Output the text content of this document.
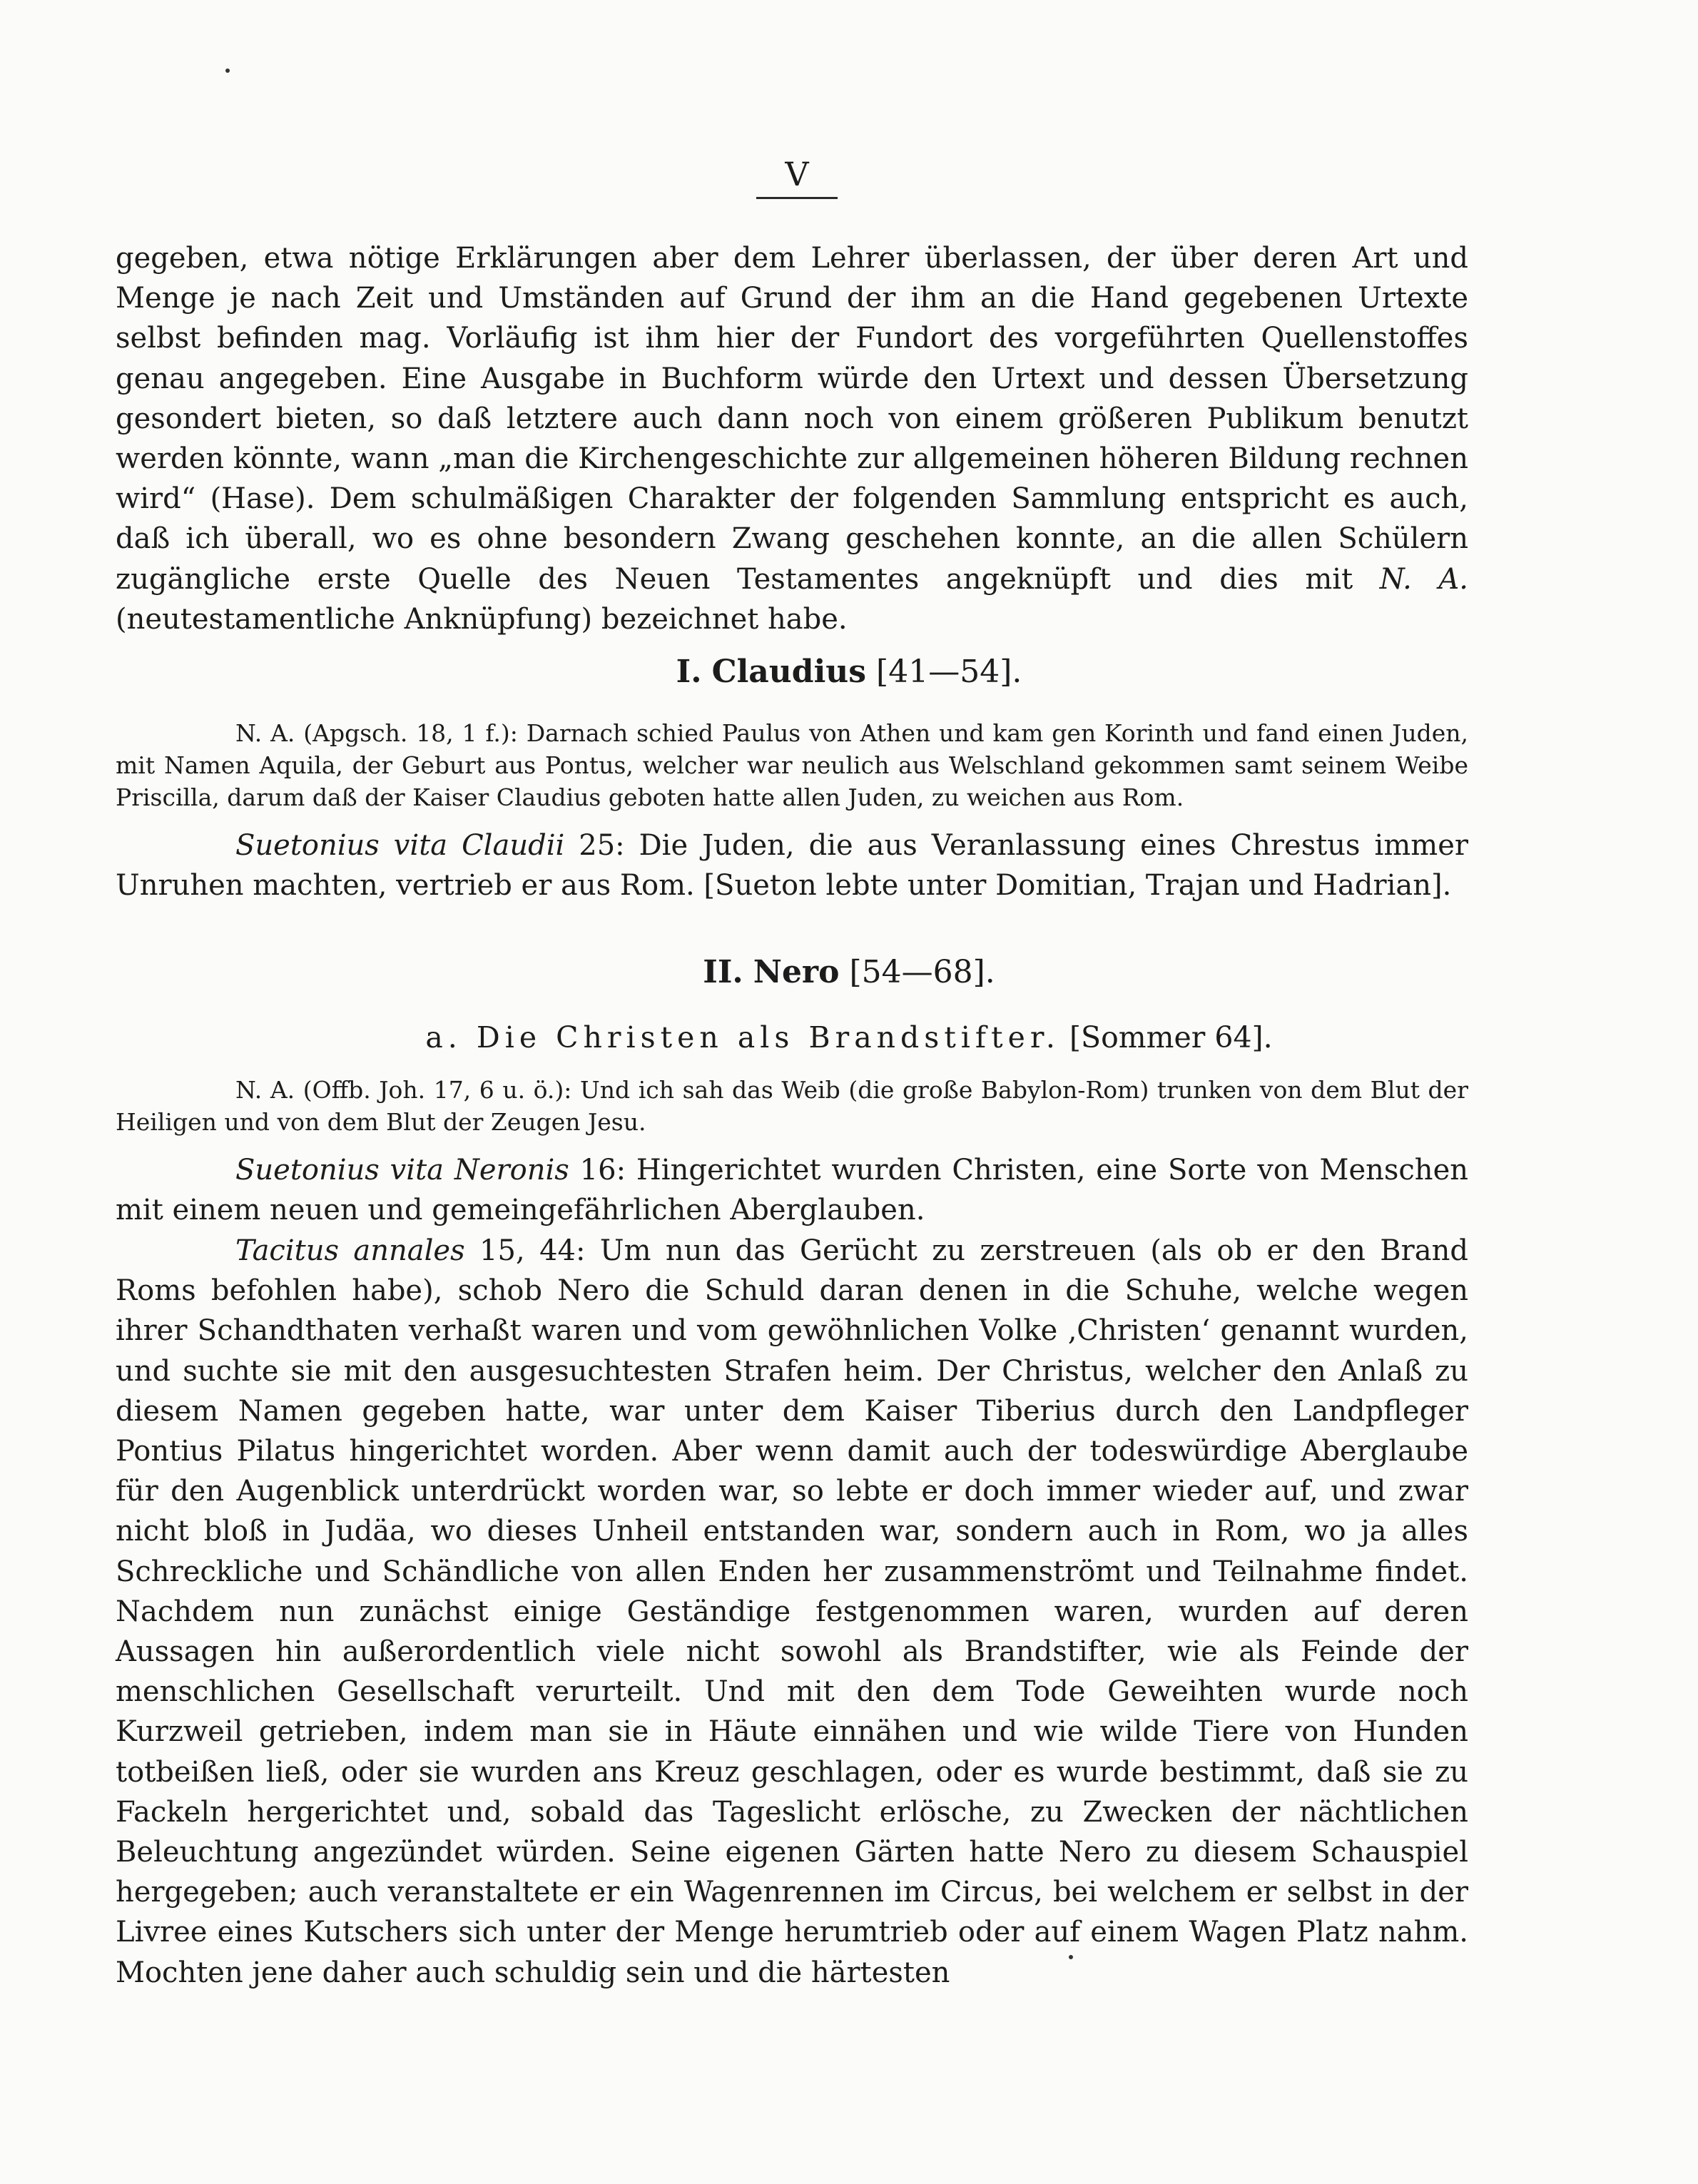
V

gegeben, etwa nötige Erklärungen aber dem Lehrer überlassen, der über deren Art und Menge je nach Zeit und Umständen auf Grund der ihm an die Hand gegebenen Urtexte selbst befinden mag. Vorläufig ist ihm hier der Fundort des vorgeführten Quellenstoffes genau angegeben. Eine Ausgabe in Buchform würde den Urtext und dessen Übersetzung gesondert bieten, so daß letztere auch dann noch von einem größeren Publikum benutzt werden könnte, wann „man die Kirchengeschichte zur allgemeinen höheren Bildung rechnen wird“ (Hase). Dem schulmäßigen Charakter der folgenden Sammlung entspricht es auch, daß ich überall, wo es ohne besondern Zwang geschehen konnte, an die allen Schülern zugängliche erste Quelle des Neuen Testamentes angeknüpft und dies mit N. A. (neutestamentliche Anknüpfung) bezeichnet habe.

I. Claudius [41—54].

N. A. (Apgsch. 18, 1 f.): Darnach schied Paulus von Athen und kam gen Korinth und fand einen Juden, mit Namen Aquila, der Geburt aus Pontus, welcher war neulich aus Welschland gekommen samt seinem Weibe Priscilla, darum daß der Kaiser Claudius geboten hatte allen Juden, zu weichen aus Rom.

Suetonius vita Claudii 25: Die Juden, die aus Veranlassung eines Chrestus immer Unruhen machten, vertrieb er aus Rom. [Sueton lebte unter Domitian, Trajan und Hadrian].

II. Nero [54—68].
a. Die Christen als Brandstifter. [Sommer 64].

N. A. (Offb. Joh. 17, 6 u. ö.): Und ich sah das Weib (die große Babylon-Rom) trunken von dem Blut der Heiligen und von dem Blut der Zeugen Jesu.

Suetonius vita Neronis 16: Hingerichtet wurden Christen, eine Sorte von Menschen mit einem neuen und gemeingefährlichen Aberglauben.

Tacitus annales 15, 44: Um nun das Gerücht zu zerstreuen (als ob er den Brand Roms befohlen habe), schob Nero die Schuld daran denen in die Schuhe, welche wegen ihrer Schandthaten verhaßt waren und vom gewöhnlichen Volke ‚Christen‘ genannt wurden, und suchte sie mit den ausgesuchtesten Strafen heim. Der Christus, welcher den Anlaß zu diesem Namen gegeben hatte, war unter dem Kaiser Tiberius durch den Landpfleger Pontius Pilatus hingerichtet worden. Aber wenn damit auch der todeswürdige Aberglaube für den Augenblick unterdrückt worden war, so lebte er doch immer wieder auf, und zwar nicht bloß in Judäa, wo dieses Unheil entstanden war, sondern auch in Rom, wo ja alles Schreckliche und Schändliche von allen Enden her zusammenströmt und Teilnahme findet. Nachdem nun zunächst einige Geständige festgenommen waren, wurden auf deren Aussagen hin außerordentlich viele nicht sowohl als Brandstifter, wie als Feinde der menschlichen Gesellschaft verurteilt. Und mit den dem Tode Geweihten wurde noch Kurzweil getrieben, indem man sie in Häute einnähen und wie wilde Tiere von Hunden totbeißen ließ, oder sie wurden ans Kreuz geschlagen, oder es wurde bestimmt, daß sie zu Fackeln hergerichtet und, sobald das Tageslicht erlösche, zu Zwecken der nächtlichen Beleuchtung angezündet würden. Seine eigenen Gärten hatte Nero zu diesem Schauspiel hergegeben; auch veranstaltete er ein Wagenrennen im Circus, bei welchem er selbst in der Livree eines Kutschers sich unter der Menge herumtrieb oder auf einem Wagen Platz nahm. Mochten jene daher auch schuldig sein und die härtesten
